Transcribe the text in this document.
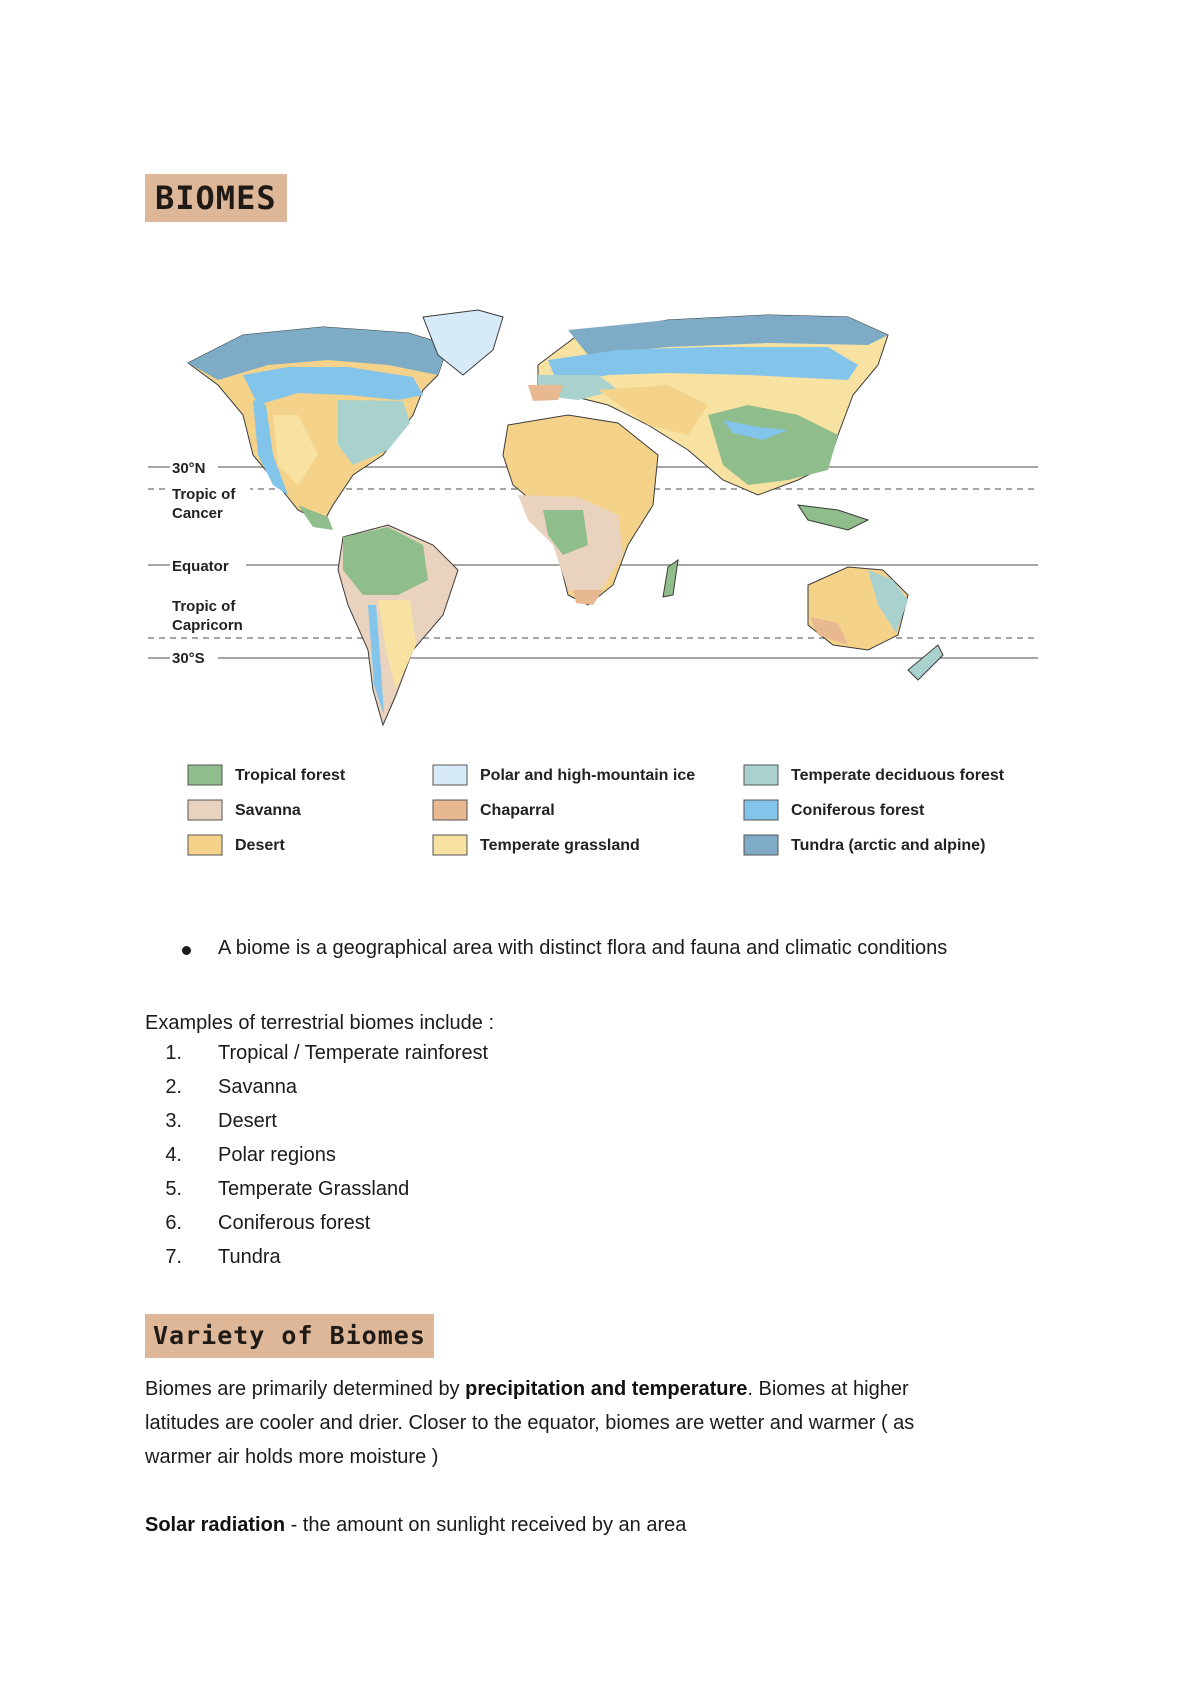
BIOMES
30°N
Tropic of
Cancer
Equator
Tropic of
Capricorn
30°S
Tropical forest	Polar and high-mountain ice	Temperate deciduous forest
Savanna	Chaparral	Coniferous forest
Desert	Temperate grassland	Tundra (arctic and alpine)
A biome is a geographical area with distinct flora and fauna and climatic conditions
Examples of terrestrial biomes include :
1. Tropical / Temperate rainforest
2. Savanna
3. Desert
4. Polar regions
5. Temperate Grassland
6. Coniferous forest
7. Tundra
Variety of Biomes
Biomes are primarily determined by precipitation and temperature. Biomes at higher
latitudes are cooler and drier. Closer to the equator, biomes are wetter and warmer ( as
warmer air holds more moisture )
Solar radiation - the amount on sunlight received by an area
